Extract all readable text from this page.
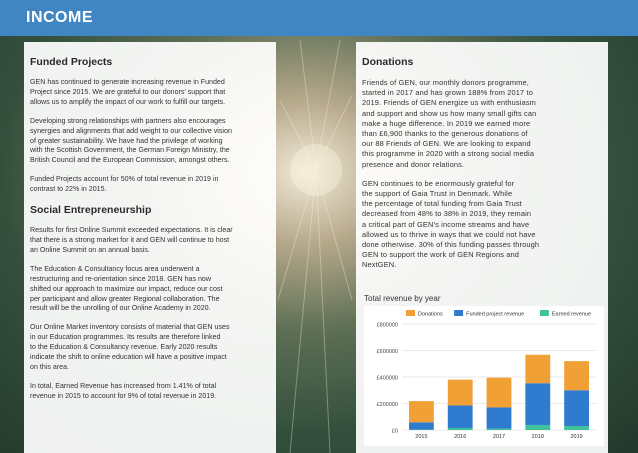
INCOME
Funded Projects
GEN has continued to generate increasing revenue in Funded
Project since 2015. We are grateful to our donors’ support that
allows us to amplify the impact of our work to fulfill our targets.
Developing strong relationships with partners also encourages
synergies and alignments that add weight to our collective vision
of greater sustainability. We have had the privilege of working
with the Scottish Government, the German Foreign Ministry, the
British Council and the European Commission, amongst others.
Funded Projects account for 50% of total revenue in 2019 in
contrast to 22% in 2015.
Social Entrepreneurship
Results for first Online Summit exceeded expectations. It is clear
that there is a strong market for it and GEN will continue to host
an Online Summit on an annual basis.
The Education & Consultancy focus area underwent a
restructuring and re-orientation since 2018. GEN has now
shifted our approach to maximize our impact, reduce our cost
per participant and allow greater Regional collaboration. The
result will be the unrolling of our Online Academy in 2020.
Our Online Market inventory consists of material that GEN uses
in our Education programmes. Its results are therefore linked
to the Education & Consultancy revenue. Early 2020 results
indicate the shift to online education will have a positive impact
on this area.
In total, Earned Revenue has increased from 1.41% of total
revenue in 2015 to account for 9% of total revenue in 2019.
Donations
Friends of GEN, our monthly donors programme,
started in 2017 and has grown 188% from 2017 to
2019. Friends of GEN energize us with enthusiasm
and support and show us how many small gifts can
make a huge difference. In 2019 we earned more
than £6,900 thanks to the generous donations of
our 88 Friends of GEN. We are looking to expand
this programme in 2020 with a strong social media
presence and donor relations.
GEN continues to be enormously grateful for
the support of Gaia Trust in Denmark. While
the percentage of total funding from Gaia Trust
decreased from 48% to 38% in 2019, they remain
a critical part of GEN’s income streams and have
allowed us to thrive in ways that we could not have
done otherwise. 30% of this funding passes through
GEN to support the work of GEN Regions and
NextGEN.
Total revenue by year
£0
£200000
£400000
£600000
£800000
Donations	Funded project revenue	Earned revenue
2015	2016	2017	2018	2019
